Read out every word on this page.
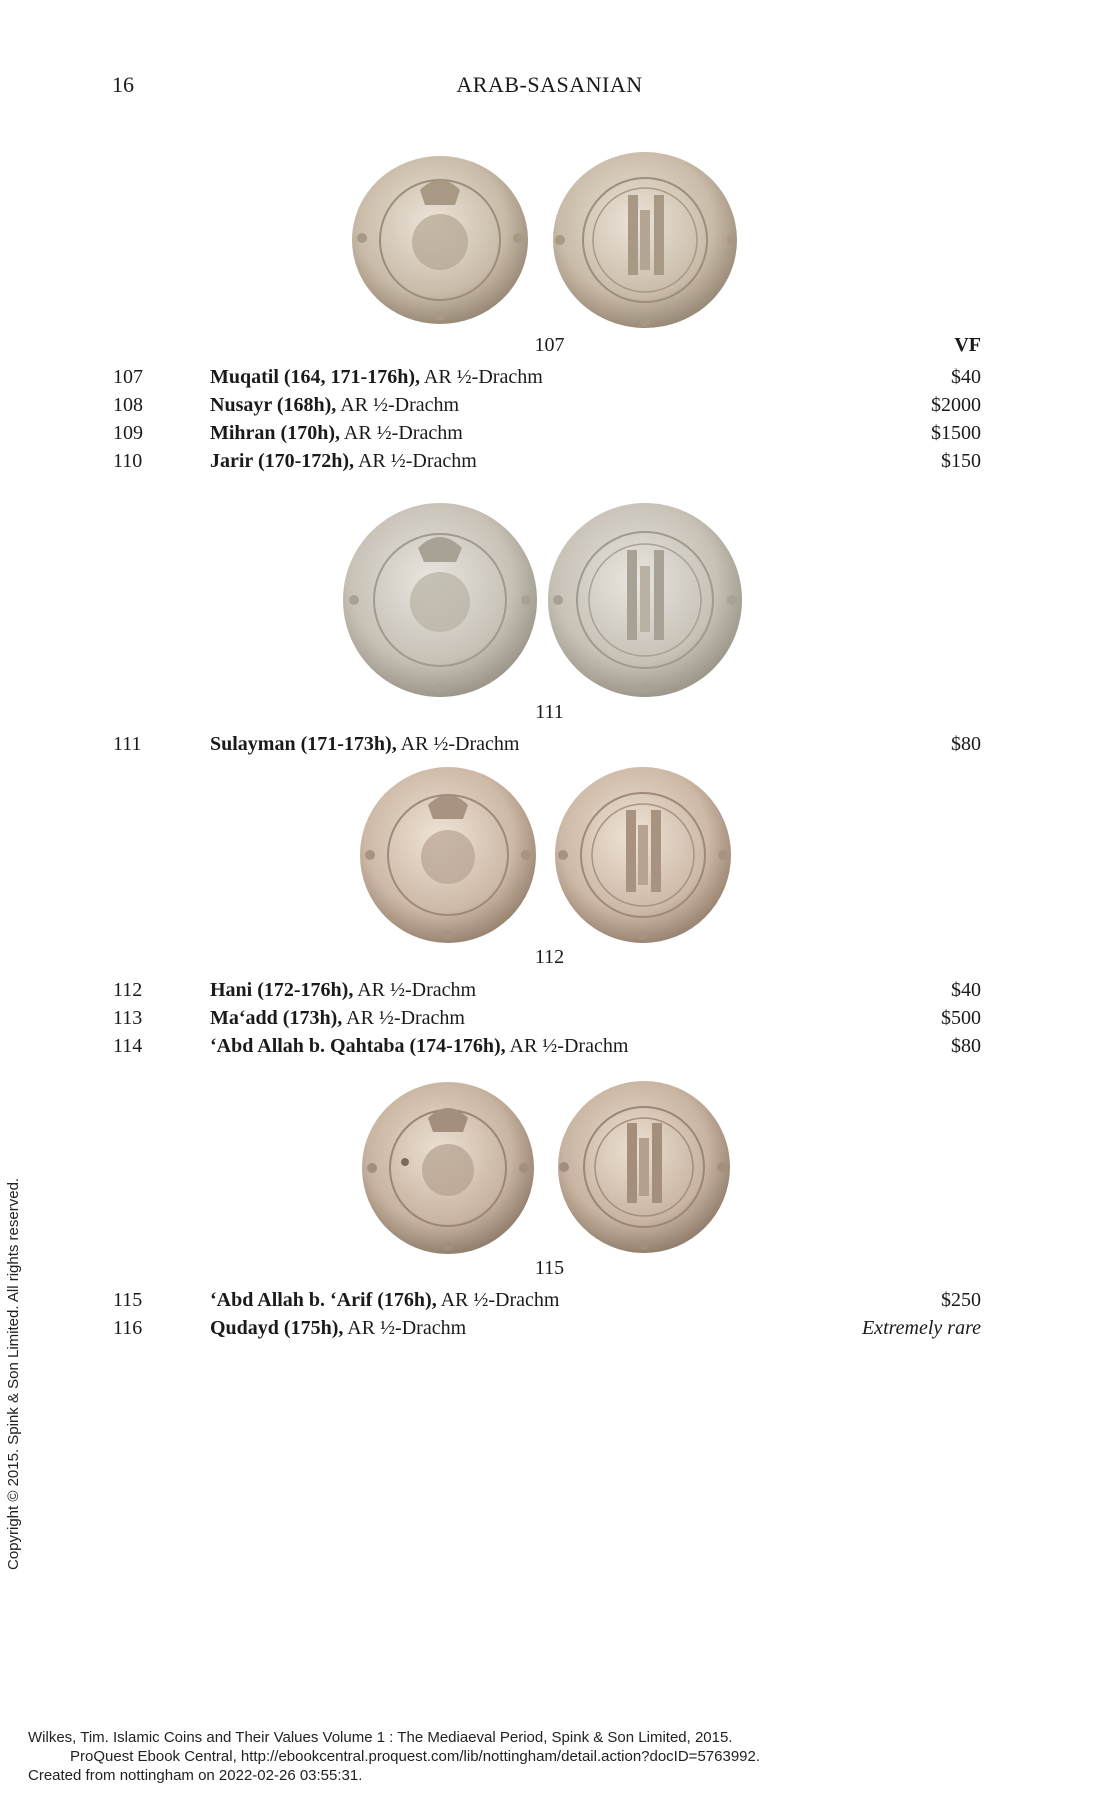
16	ARAB-SASANIAN
107	VF
107	Muqatil (164, 171-176h), AR ½-Drachm	$40
108	Nusayr (168h), AR ½-Drachm	$2000
109	Mihran (170h), AR ½-Drachm	$1500
110	Jarir (170-172h), AR ½-Drachm	$150
111
111	Sulayman (171-173h), AR ½-Drachm	$80
112
112	Hani (172-176h), AR ½-Drachm	$40
113	Ma‘add (173h), AR ½-Drachm	$500
114	‘Abd Allah b. Qahtaba (174-176h), AR ½-Drachm	$80
115
115	‘Abd Allah b. ‘Arif (176h), AR ½-Drachm	$250
116	Qudayd (175h), AR ½-Drachm	Extremely rare
Copyright © 2015. Spink & Son Limited. All rights reserved.
Wilkes, Tim. Islamic Coins and Their Values Volume 1 : The Mediaeval Period, Spink & Son Limited, 2015.
ProQuest Ebook Central, http://ebookcentral.proquest.com/lib/nottingham/detail.action?docID=5763992.
Created from nottingham on 2022-02-26 03:55:31.
